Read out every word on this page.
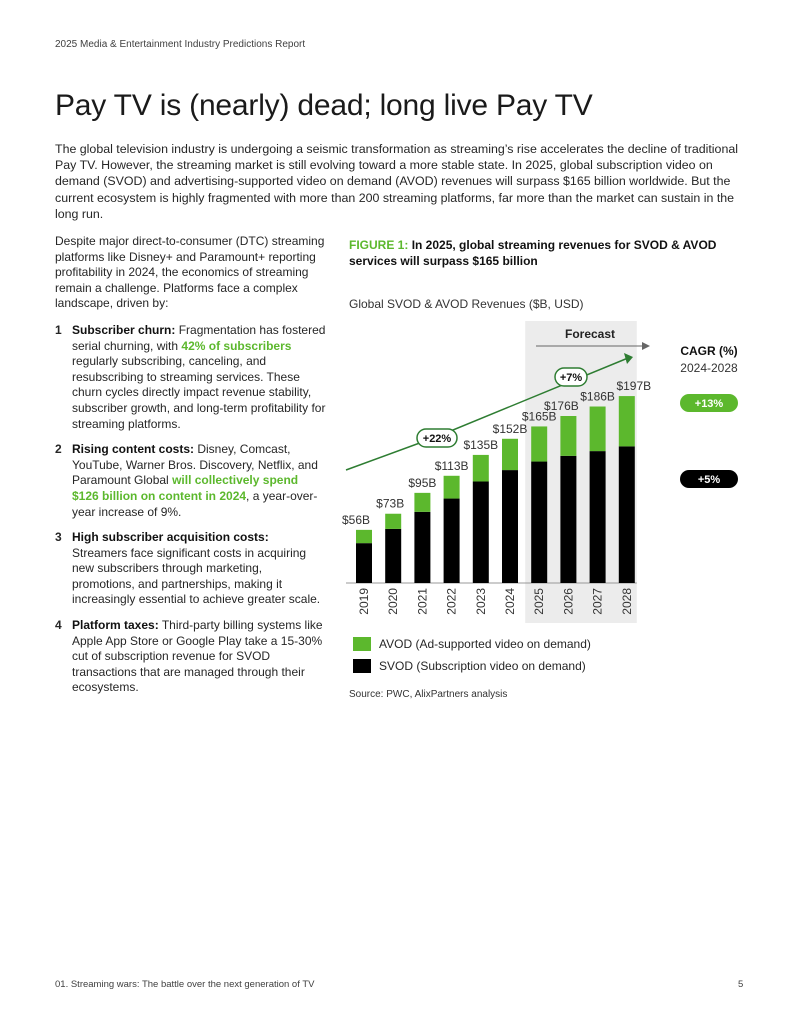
2025 Media & Entertainment Industry Predictions Report
Pay TV is (nearly) dead; long live Pay TV

The global television industry is undergoing a seismic transformation as streaming’s rise accelerates the decline of traditional Pay TV. However, the streaming market is still evolving toward a more stable state. In 2025, global subscription video on demand (SVOD) and advertising-supported video on demand (AVOD) revenues will surpass $165 billion worldwide. But the current ecosystem is highly fragmented with more than 200 streaming platforms, far more than the market can sustain in the long run.

Despite major direct-to-consumer (DTC) streaming platforms like Disney+ and Paramount+ reporting profitability in 2024, the economics of streaming remain a challenge. Platforms face a complex landscape, driven by:

1 Subscriber churn: Fragmentation has fostered serial churning, with 42% of subscribers regularly subscribing, canceling, and resubscribing to streaming services. These churn cycles directly impact revenue stability, subscriber growth, and long-term profitability for streaming platforms.
2 Rising content costs: Disney, Comcast, YouTube, Warner Bros. Discovery, Netflix, and Paramount Global will collectively spend $126 billion on content in 2024, a year-over-year increase of 9%.
3 High subscriber acquisition costs: Streamers face significant costs in acquiring new subscribers through marketing, promotions, and partnerships, making it increasingly essential to achieve greater scale.
4 Platform taxes: Third-party billing systems like Apple App Store or Google Play take a 15-30% cut of subscription revenue for SVOD transactions that are managed through their ecosystems.
FIGURE 1: In 2025, global streaming revenues for SVOD & AVOD services will surpass $165 billion
Global SVOD & AVOD Revenues ($B, USD)
Forecast
$56B
2019
$73B
2020
$95B
2021
$113B
2022
$135B
2023
$152B
2024
$165B
2025
$176B
2026
$186B
2027
$197B
2028
+22%
+7%
CAGR (%)
2024-2028
+13%
+5%
AVOD (Ad-supported video on demand)
SVOD (Subscription video on demand)
Source: PWC, AlixPartners analysis
01. Streaming wars: The battle over the next generation of TV	5
